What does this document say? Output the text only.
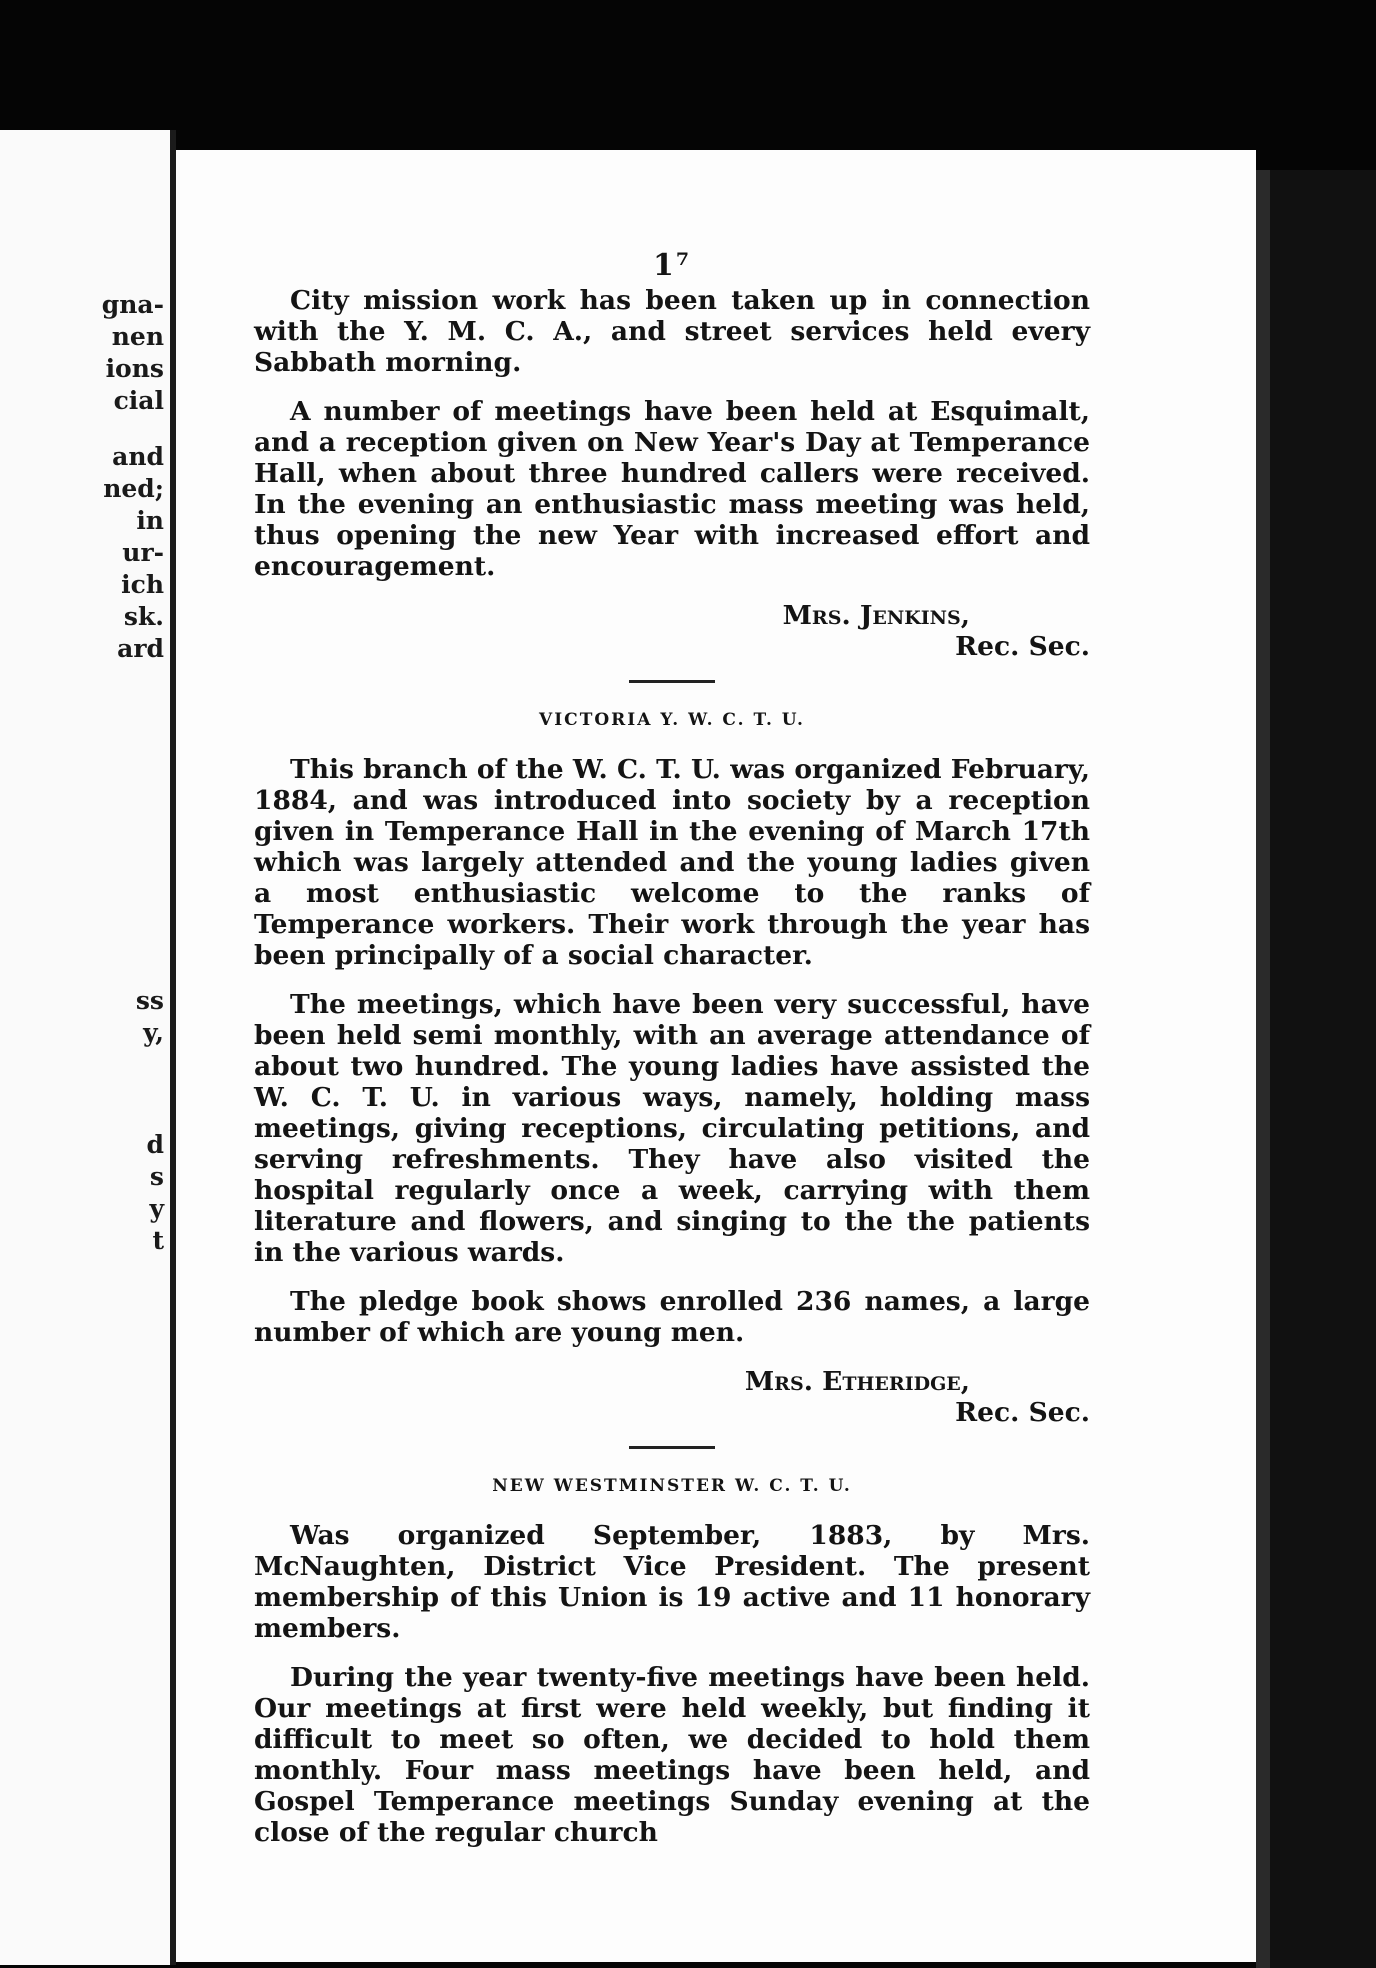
gna-
nen
ions
cial
and
ned;
in
ur-
ich
sk.
ard
ss
y,
d
s
y
t
1⁷

City mission work has been taken up in connection with the Y. M. C. A., and street services held every Sabbath morning.

A number of meetings have been held at Esquimalt, and a reception given on New Year's Day at Temperance Hall, when about three hundred callers were received. In the evening an enthusiastic mass meeting was held, thus opening the new Year with increased effort and encouragement.

Mrs. Jenkins,
Rec. Sec.
VICTORIA Y. W. C. T. U.

This branch of the W. C. T. U. was organized February, 1884, and was introduced into society by a reception given in Temperance Hall in the evening of March 17th which was largely attended and the young ladies given a most enthusiastic welcome to the ranks of Temperance workers. Their work through the year has been principally of a social character.

The meetings, which have been very successful, have been held semi monthly, with an average attendance of about two hundred. The young ladies have assisted the W. C. T. U. in various ways, namely, holding mass meetings, giving receptions, circulating petitions, and serving refreshments. They have also visited the hospital regularly once a week, carrying with them literature and flowers, and singing to the the patients in the various wards.

The pledge book shows enrolled 236 names, a large number of which are young men.

Mrs. Etheridge,
Rec. Sec.
NEW WESTMINSTER W. C. T. U.

Was organized September, 1883, by Mrs. McNaughten, District Vice President. The present membership of this Union is 19 active and 11 honorary members.

During the year twenty-five meetings have been held. Our meetings at first were held weekly, but finding it difficult to meet so often, we decided to hold them monthly. Four mass meetings have been held, and Gospel Temperance meetings Sunday evening at the close of the regular church
